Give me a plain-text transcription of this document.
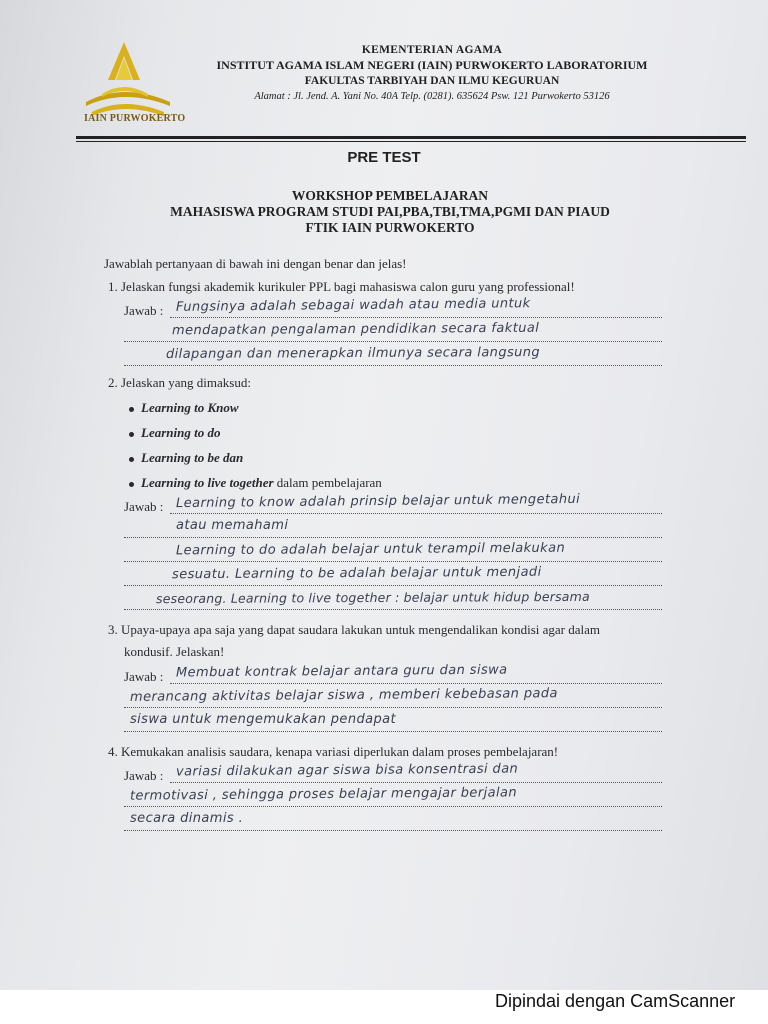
IAIN PURWOKERTO
KEMENTERIAN AGAMA
INSTITUT AGAMA ISLAM NEGERI (IAIN) PURWOKERTO LABORATORIUM
FAKULTAS TARBIYAH DAN ILMU KEGURUAN
Alamat : Jl. Jend. A. Yani No. 40A Telp. (0281). 635624 Psw. 121 Purwokerto 53126
PRE TEST
WORKSHOP PEMBELAJARAN
MAHASISWA PROGRAM STUDI PAI,PBA,TBI,TMA,PGMI DAN PIAUD
FTIK IAIN PURWOKERTO
Jawablah pertanyaan di bawah ini dengan benar dan jelas!
1. Jelaskan fungsi akademik kurikuler PPL bagi mahasiswa calon guru yang professional!
Jawab : Fungsinya adalah sebagai wadah atau media untuk
mendapatkan pengalaman pendidikan secara faktual
dilapangan dan menerapkan ilmunya secara langsung
2. Jelaskan yang dimaksud:
Learning to Know
Learning to do
Learning to be dan
Learning to live together dalam pembelajaran
Jawab : Learning to know adalah prinsip belajar untuk mengetahui
atau memahami
Learning to do adalah belajar untuk terampil melakukan
sesuatu. Learning to be adalah belajar untuk menjadi
seseorang. Learning to live together : belajar untuk hidup bersama
3. Upaya-upaya apa saja yang dapat saudara lakukan untuk mengendalikan kondisi agar dalam
kondusif. Jelaskan!
Jawab : Membuat kontrak belajar antara guru dan siswa
merancang aktivitas belajar siswa , memberi kebebasan pada
siswa untuk mengemukakan pendapat
4. Kemukakan analisis saudara, kenapa variasi diperlukan dalam proses pembelajaran!
Jawab : variasi dilakukan agar siswa bisa konsentrasi dan
termotivasi , sehingga proses belajar mengajar berjalan
secara dinamis .
Dipindai dengan CamScanner
